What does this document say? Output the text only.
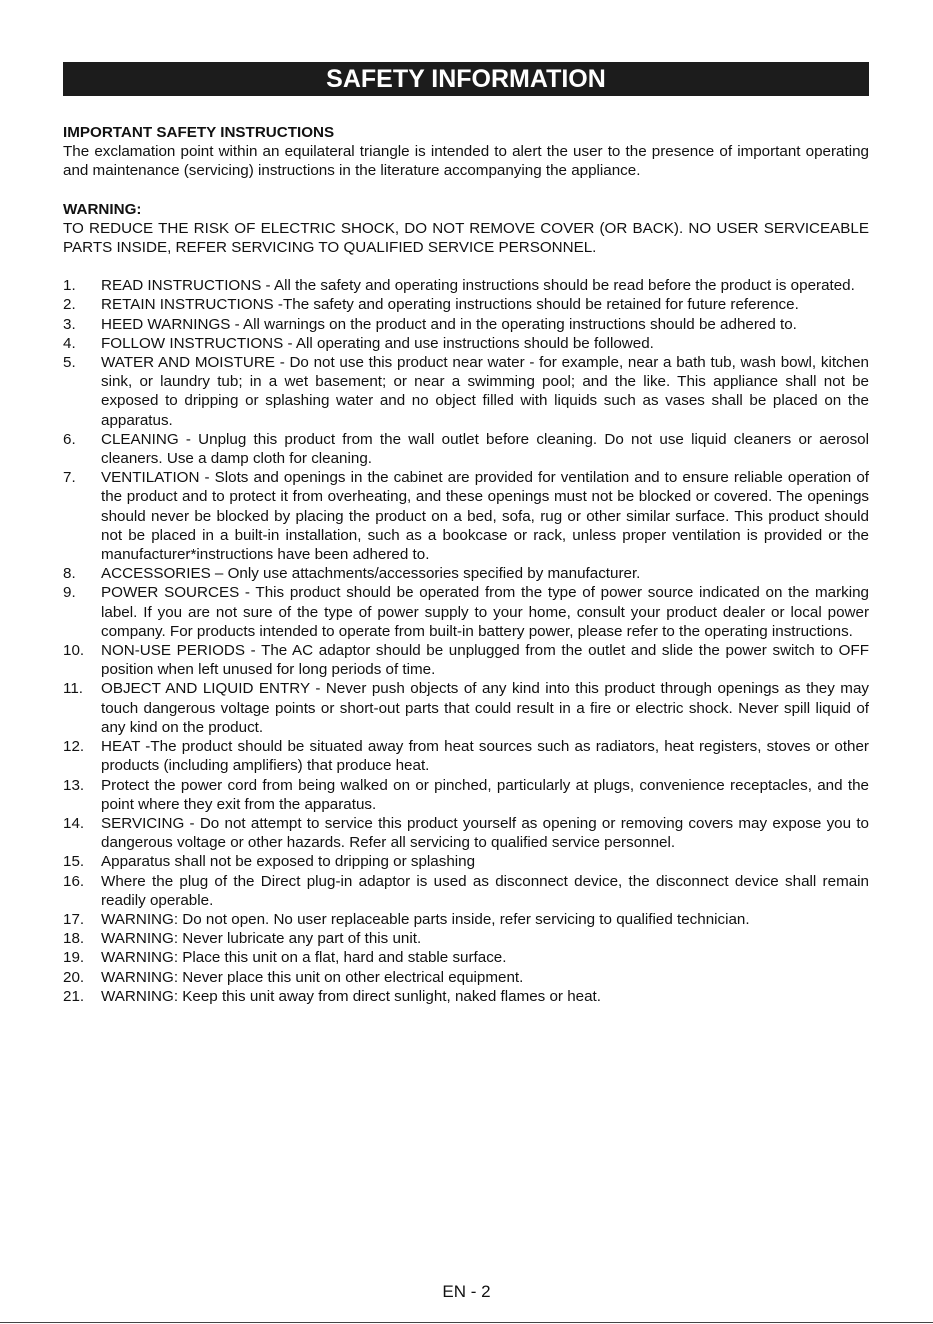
SAFETY INFORMATION

IMPORTANT SAFETY INSTRUCTIONS

The exclamation point within an equilateral triangle is intended to alert the user to the presence of important operating and maintenance (servicing) instructions in the literature accompanying the appliance.

WARNING:

TO REDUCE THE RISK OF ELECTRIC SHOCK, DO NOT REMOVE COVER (OR BACK). NO USER SERVICEABLE PARTS INSIDE, REFER SERVICING TO QUALIFIED SERVICE PERSONNEL.

1. READ INSTRUCTIONS - All the safety and operating instructions should be read before the product is operated.
2. RETAIN INSTRUCTIONS -The safety and operating instructions should be retained for future reference.
3. HEED WARNINGS - All warnings on the product and in the operating instructions should be adhered to.
4. FOLLOW INSTRUCTIONS - All operating and use instructions should be followed.
5. WATER AND MOISTURE - Do not use this product near water - for example, near a bath tub, wash bowl, kitchen sink, or laundry tub; in a wet basement; or near a swimming pool; and the like. This appliance shall not be exposed to dripping or splashing water and no object filled with liquids such as vases shall be placed on the apparatus.
6. CLEANING - Unplug this product from the wall outlet before cleaning. Do not use liquid cleaners or aerosol cleaners. Use a damp cloth for cleaning.
7. VENTILATION - Slots and openings in the cabinet are provided for ventilation and to ensure reliable operation of the product and to protect it from overheating, and these openings must not be blocked or covered. The openings should never be blocked by placing the product on a bed, sofa, rug or other similar surface. This product should not be placed in a built-in installation, such as a bookcase or rack, unless proper ventilation is provided or the manufacturer*instructions have been adhered to.
8. ACCESSORIES – Only use attachments/accessories specified by manufacturer.
9. POWER SOURCES - This product should be operated from the type of power source indicated on the marking label. If you are not sure of the type of power supply to your home, consult your product dealer or local power company. For products intended to operate from built-in battery power, please refer to the operating instructions.
10. NON-USE PERIODS - The AC adaptor should be unplugged from the outlet and slide the power switch to OFF position when left unused for long periods of time.
11. OBJECT AND LIQUID ENTRY - Never push objects of any kind into this product through openings as they may touch dangerous voltage points or short-out parts that could result in a fire or electric shock. Never spill liquid of any kind on the product.
12. HEAT -The product should be situated away from heat sources such as radiators, heat registers, stoves or other products (including amplifiers) that produce heat.
13. Protect the power cord from being walked on or pinched, particularly at plugs, convenience receptacles, and the point where they exit from the apparatus.
14. SERVICING - Do not attempt to service this product yourself as opening or removing covers may expose you to dangerous voltage or other hazards. Refer all servicing to qualified service personnel.
15. Apparatus shall not be exposed to dripping or splashing
16. Where the plug of the Direct plug-in adaptor is used as disconnect device, the disconnect device shall remain readily operable.
17. WARNING: Do not open. No user replaceable parts inside, refer servicing to qualified technician.
18. WARNING: Never lubricate any part of this unit.
19. WARNING: Place this unit on a flat, hard and stable surface.
20. WARNING: Never place this unit on other electrical equipment.
21. WARNING: Keep this unit away from direct sunlight, naked flames or heat.
EN - 2
